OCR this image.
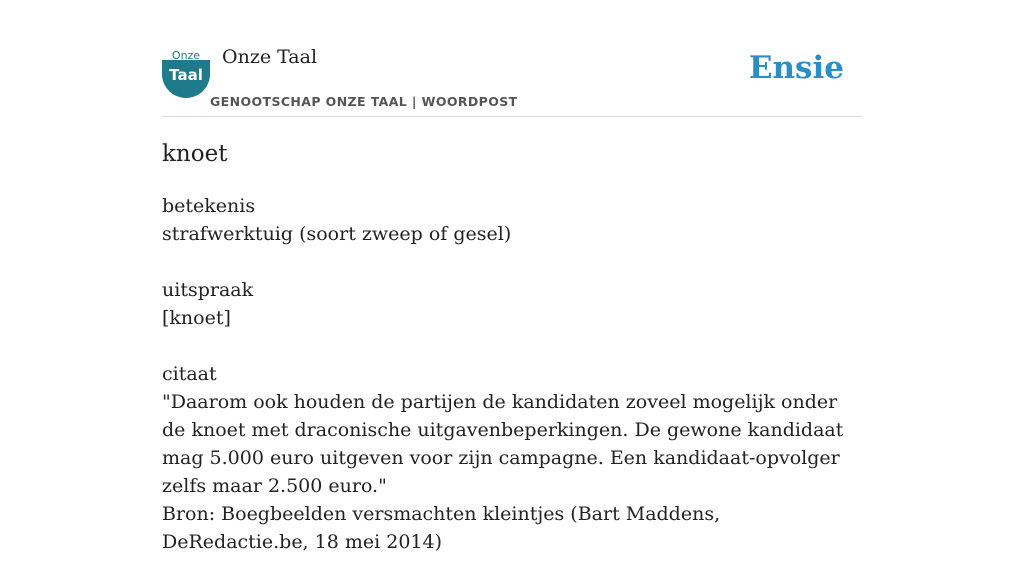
Onze
Taal
Onze Taal
GENOOTSCHAP ONZE TAAL | WOORDPOST
Ensie
knoet

betekenis

strafwerktuig (soort zweep of gesel)

uitspraak

[knoet]

citaat

"Daarom ook houden de partijen de kandidaten zoveel mogelijk onder de knoet met draconische uitgavenbeperkingen. De gewone kandidaat mag 5.000 euro uitgeven voor zijn campagne. Een kandidaat-opvolger zelfs maar 2.500 euro."

Bron: Boegbeelden versmachten kleintjes (Bart Maddens, DeRedactie.be, 18 mei 2014)
